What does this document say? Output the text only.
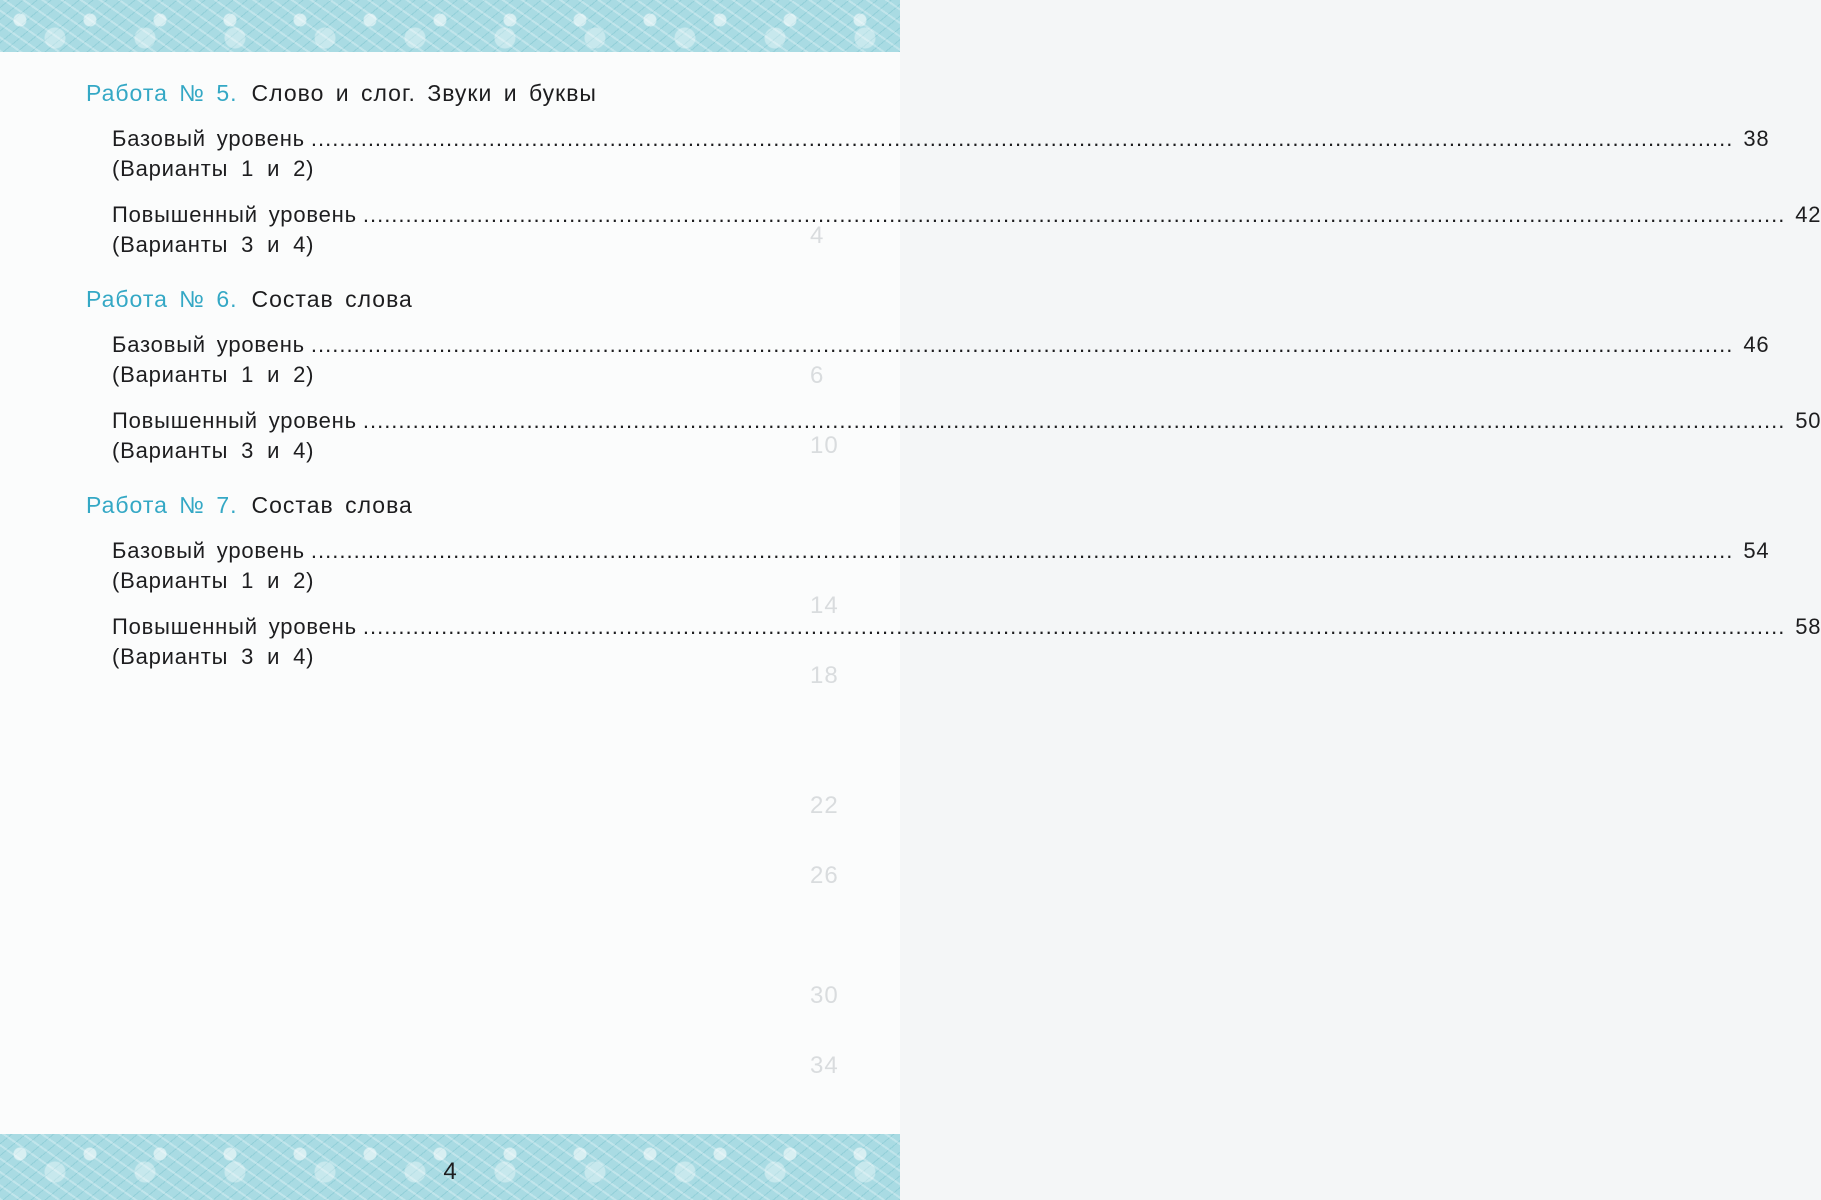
4
6
10
14
18
22
26
30
34
Работа № 5. Слово и слог. Звуки и буквы
Базовый уровень ........................................................................................................................................................................................................ 38
(Варианты 1 и 2)
Повышенный уровень ........................................................................................................................................................................................................ 42
(Варианты 3 и 4)
Работа № 6. Состав слова
Базовый уровень ........................................................................................................................................................................................................ 46
(Варианты 1 и 2)
Повышенный уровень ........................................................................................................................................................................................................ 50
(Варианты 3 и 4)
Работа № 7. Состав слова
Базовый уровень ........................................................................................................................................................................................................ 54
(Варианты 1 и 2)
Повышенный уровень ........................................................................................................................................................................................................ 58
(Варианты 3 и 4)
4
